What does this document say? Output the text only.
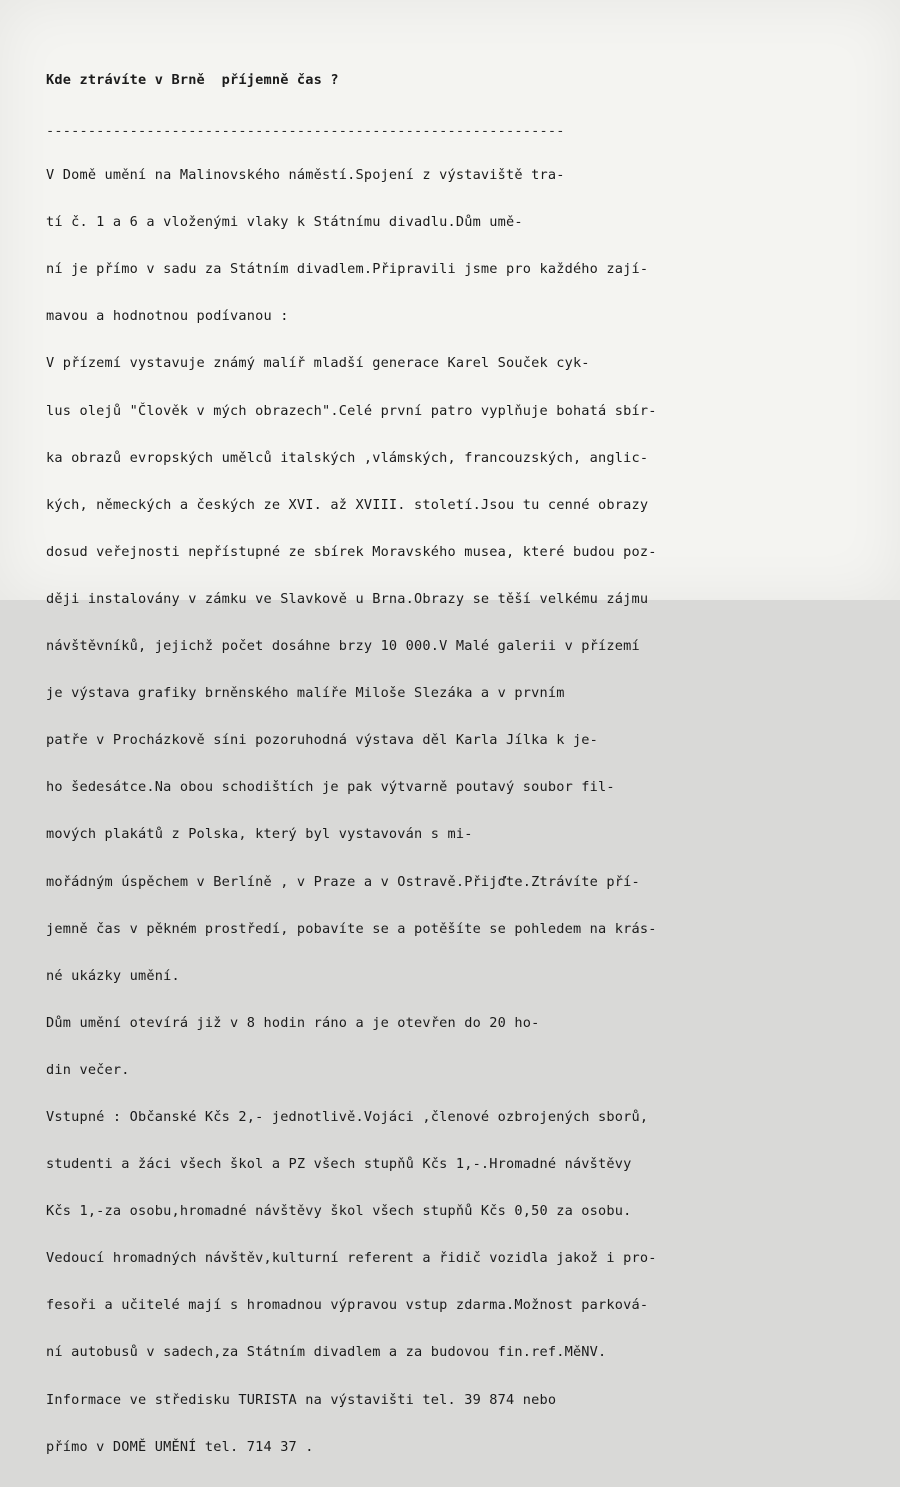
Kde ztrávíte v Brně  příjemně čas ?

--------------------------------------------------------------

V Domě umění na Malinovského náměstí.Spojení z výstaviště tra-

tí č. 1 a 6 a vloženými vlaky k Státnímu divadlu.Dům umě-

ní je přímo v sadu za Státním divadlem.Připravili jsme pro každého zají-

mavou a hodnotnou podívanou :

V přízemí vystavuje známý malíř mladší generace Karel Souček cyk-

lus olejů "Člověk v mých obrazech".Celé první patro vyplňuje bohatá sbír-

ka obrazů evropských umělců italských ,vlámských, francouzských, anglic-

kých, německých a českých ze XVI. až XVIII. století.Jsou tu cenné obrazy

dosud veřejnosti nepřístupné ze sbírek Moravského musea, které budou poz-

ději instalovány v zámku ve Slavkově u Brna.Obrazy se těší velkému zájmu

návštěvníků, jejichž počet dosáhne brzy 10 000.V Malé galerii v přízemí

je výstava grafiky brněnského malíře Miloše Slezáka a v prvním

patře v Procházkově síni pozoruhodná výstava děl Karla Jílka k je-

ho šedesátce.Na obou schodištích je pak výtvarně poutavý soubor fil-

mových plakátů z Polska, který byl vystavován s mi-

mořádným úspěchem v Berlíně , v Praze a v Ostravě.Přijďte.Ztrávíte pří-

jemně čas v pěkném prostředí, pobavíte se a potěšíte se pohledem na krás-

né ukázky umění.

Dům umění otevírá již v 8 hodin ráno a je otevřen do 20 ho-

din večer.

Vstupné : Občanské Kčs 2,- jednotlivě.Vojáci ,členové ozbrojených sborů,

studenti a žáci všech škol a PZ všech stupňů Kčs 1,-.Hromadné návštěvy

Kčs 1,-za osobu,hromadné návštěvy škol všech stupňů Kčs 0,50 za osobu.

Vedoucí hromadných návštěv,kulturní referent a řidič vozidla jakož i pro-

fesoři a učitelé mají s hromadnou výpravou vstup zdarma.Možnost parková-

ní autobusů v sadech,za Státním divadlem a za budovou fin.ref.MěNV.

Informace ve středisku TURISTA na výstavišti tel. 39 874 nebo

přímo v DOMĚ UMĚNÍ tel. 714 37 .
